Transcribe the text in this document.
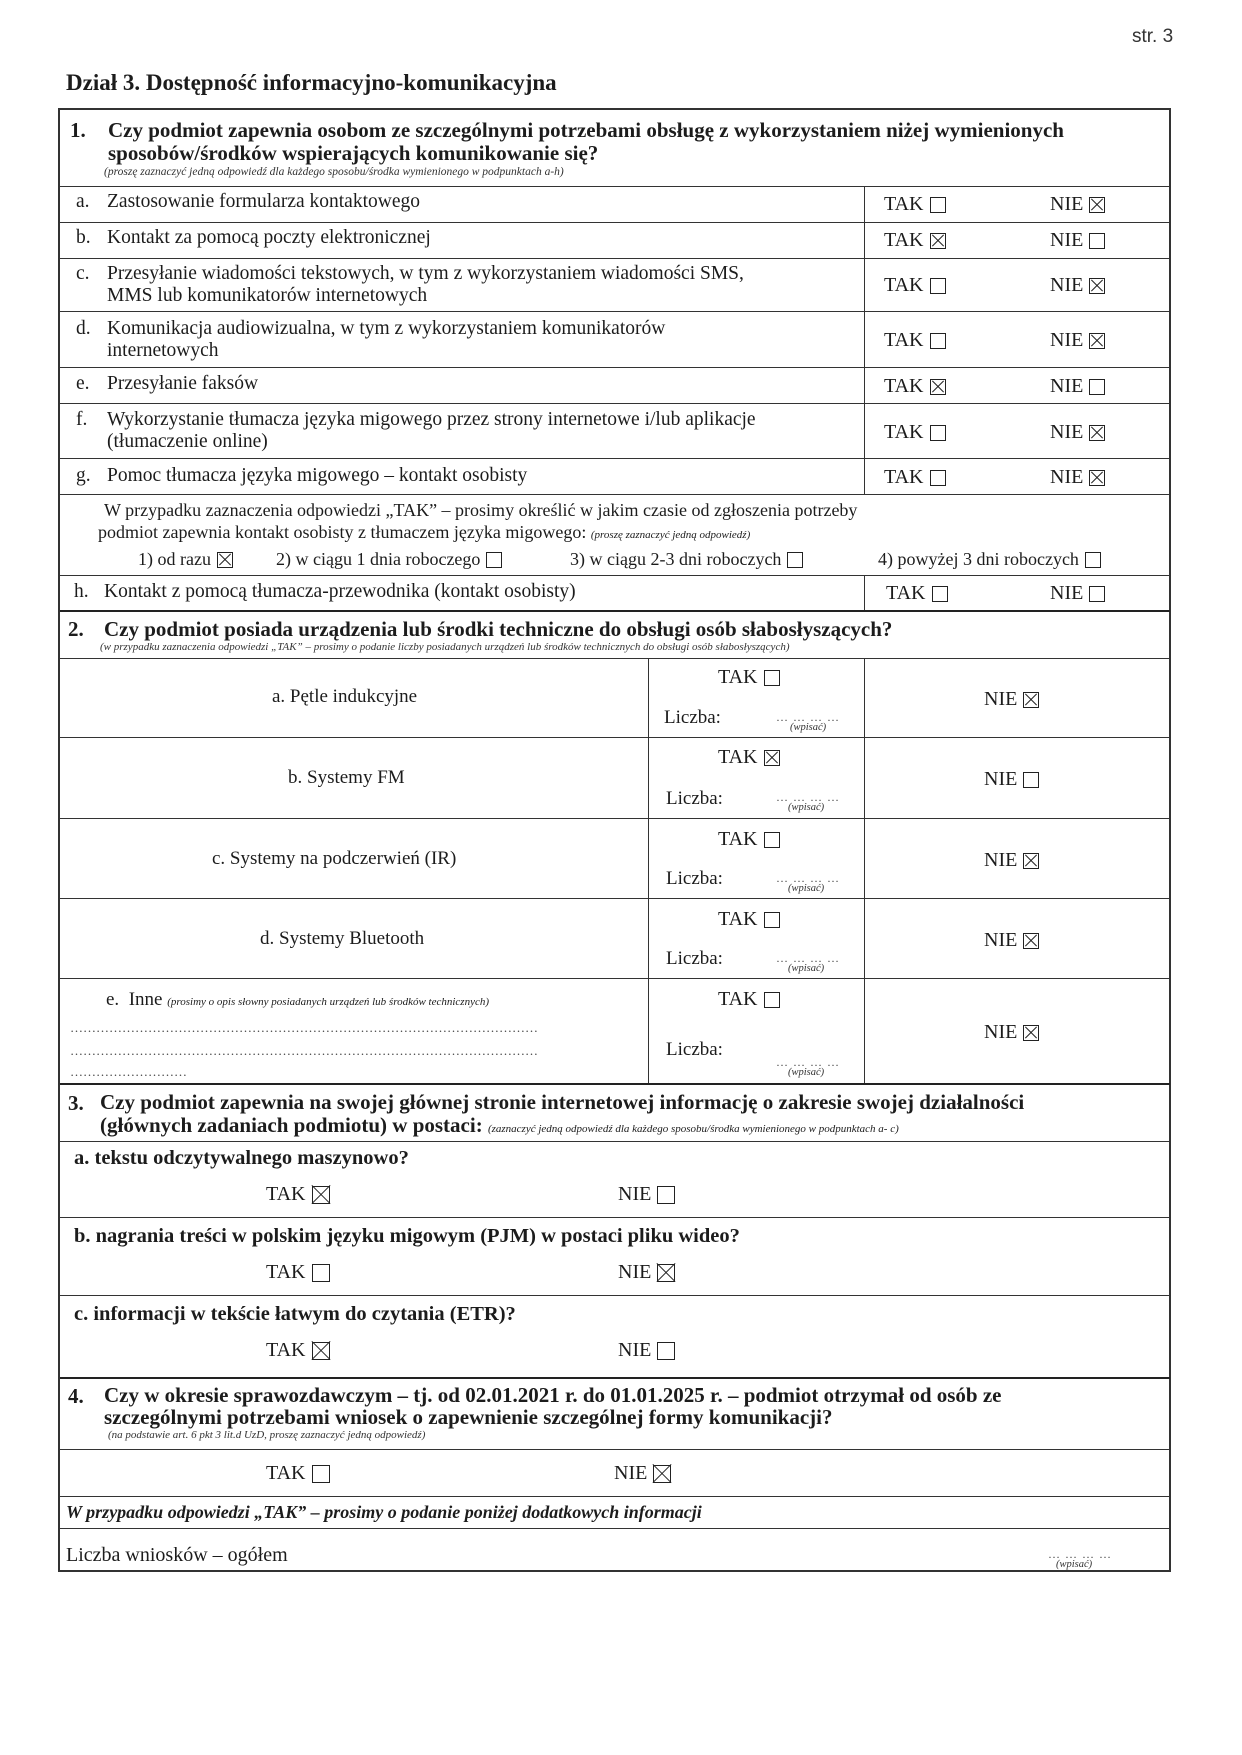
str. 3
Dział 3. Dostępność informacyjno-komunikacyjna
1. Czy podmiot zapewnia osobom ze szczególnymi potrzebami obsługę z wykorzystaniem niżej wymienionych
sposobów/środków wspierających komunikowanie się?
(proszę zaznaczyć jedną odpowiedź dla każdego sposobu/środka wymienionego w podpunktach a-h)
a. Zastosowanie formularza kontaktowego	TAK	NIE
b. Kontakt za pomocą poczty elektronicznej	TAK	NIE
c. Przesyłanie wiadomości tekstowych, w tym z wykorzystaniem wiadomości SMS,
MMS lub komunikatorów internetowych	TAK	NIE
d. Komunikacja audiowizualna, w tym z wykorzystaniem komunikatorów
internetowych	TAK	NIE
e. Przesyłanie faksów	TAK	NIE
f. Wykorzystanie tłumacza języka migowego przez strony internetowe i/lub aplikacje
(tłumaczenie online)	TAK	NIE
g. Pomoc tłumacza języka migowego – kontakt osobisty	TAK	NIE
W przypadku zaznaczenia odpowiedzi „TAK” – prosimy określić w jakim czasie od zgłoszenia potrzeby
podmiot zapewnia kontakt osobisty z tłumaczem języka migowego: (proszę zaznaczyć jedną odpowiedź)
1) od razu	2) w ciągu 1 dnia roboczego	3) w ciągu 2-3 dni roboczych	4) powyżej 3 dni roboczych
h. Kontakt z pomocą tłumacza-przewodnika (kontakt osobisty)	TAK	NIE
2. Czy podmiot posiada urządzenia lub środki techniczne do obsługi osób słabosłyszących?
(w przypadku zaznaczenia odpowiedzi „TAK” – prosimy o podanie liczby posiadanych urządzeń lub środków technicznych do obsługi osób słabosłyszących)
a. Pętle indukcyjne
TAK
Liczba:	… … … …
(wpisać)
NIE
b. Systemy FM
TAK
Liczba:	… … … …
(wpisać)
NIE
c. Systemy na podczerwień (IR)
TAK
Liczba:	… … … …
(wpisać)
NIE
d. Systemy Bluetooth
TAK
Liczba:	… … … …
(wpisać)
NIE
e. Inne (prosimy o opis słowny posiadanych urządzeń lub środków technicznych)
………………………………………………………………………………………………
………………………………………………………………………………………………
………………………
TAK
Liczba:
… … … …
(wpisać)
NIE
3. Czy podmiot zapewnia na swojej głównej stronie internetowej informację o zakresie swojej działalności
(głównych zadaniach podmiotu) w postaci: (zaznaczyć jedną odpowiedź dla każdego sposobu/środka wymienionego w podpunktach a- c)
a. tekstu odczytywalnego maszynowo?
TAK	NIE
b. nagrania treści w polskim języku migowym (PJM) w postaci pliku wideo?
TAK	NIE
c. informacji w tekście łatwym do czytania (ETR)?
TAK	NIE
4. Czy w okresie sprawozdawczym – tj. od 02.01.2021 r. do 01.01.2025 r. – podmiot otrzymał od osób ze
szczególnymi potrzebami wniosek o zapewnienie szczególnej formy komunikacji?
(na podstawie art. 6 pkt 3 lit.d UzD, proszę zaznaczyć jedną odpowiedź)
TAK	NIE
W przypadku odpowiedzi „TAK” – prosimy o podanie poniżej dodatkowych informacji
Liczba wniosków – ogółem	… … … …
(wpisać)
